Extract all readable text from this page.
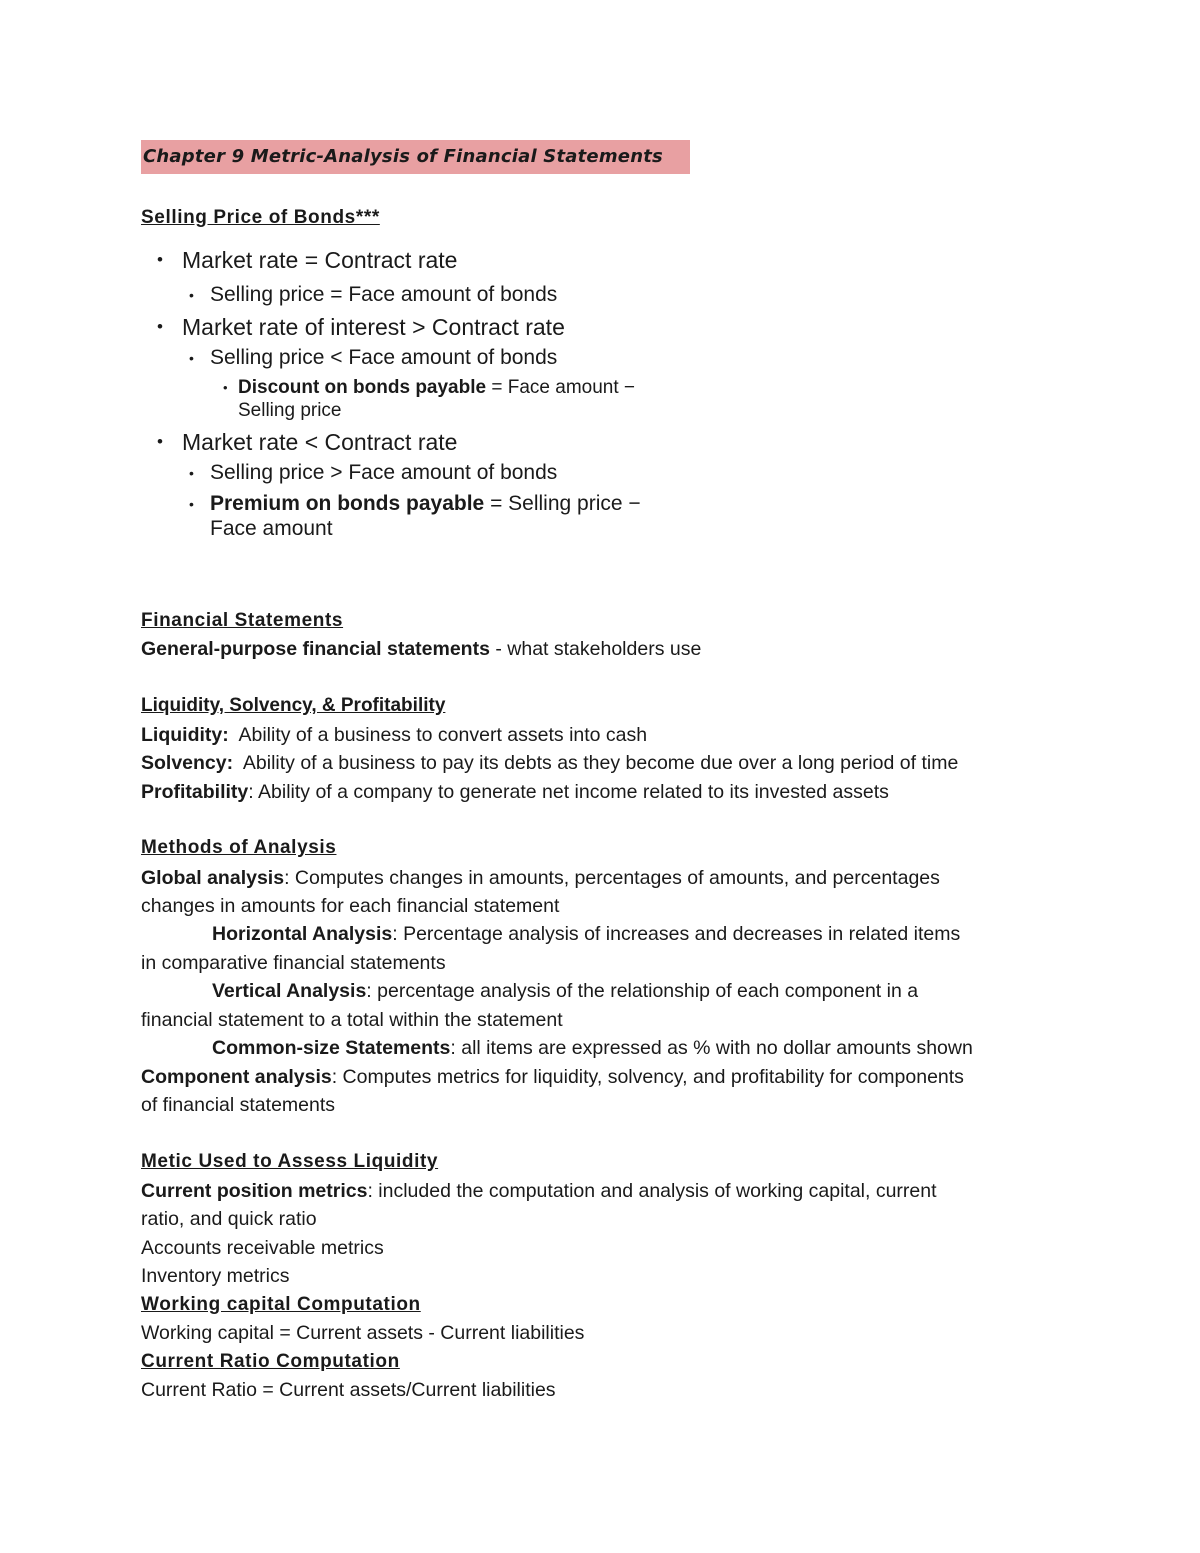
Chapter 9 Metric-Analysis of Financial Statements
Selling Price of Bonds***
• Market rate = Contract rate
• Selling price = Face amount of bonds
• Market rate of interest > Contract rate
• Selling price < Face amount of bonds
• Discount on bonds payable = Face amount −
Selling price
• Market rate < Contract rate
• Selling price > Face amount of bonds
• Premium on bonds payable = Selling price −
Face amount
Financial Statements
General-purpose financial statements - what stakeholders use
Liquidity, Solvency, & Profitability
Liquidity:  Ability of a business to convert assets into cash
Solvency:  Ability of a business to pay its debts as they become due over a long period of time
Profitability: Ability of a company to generate net income related to its invested assets
Methods of Analysis
Global analysis: Computes changes in amounts, percentages of amounts, and percentages
changes in amounts for each financial statement
Horizontal Analysis: Percentage analysis of increases and decreases in related items
in comparative financial statements
Vertical Analysis: percentage analysis of the relationship of each component in a
financial statement to a total within the statement
Common-size Statements: all items are expressed as % with no dollar amounts shown
Component analysis: Computes metrics for liquidity, solvency, and profitability for components
of financial statements
Metic Used to Assess Liquidity
Current position metrics: included the computation and analysis of working capital, current
ratio, and quick ratio
Accounts receivable metrics
Inventory metrics
Working capital Computation
Working capital = Current assets - Current liabilities
Current Ratio Computation
Current Ratio = Current assets/Current liabilities
